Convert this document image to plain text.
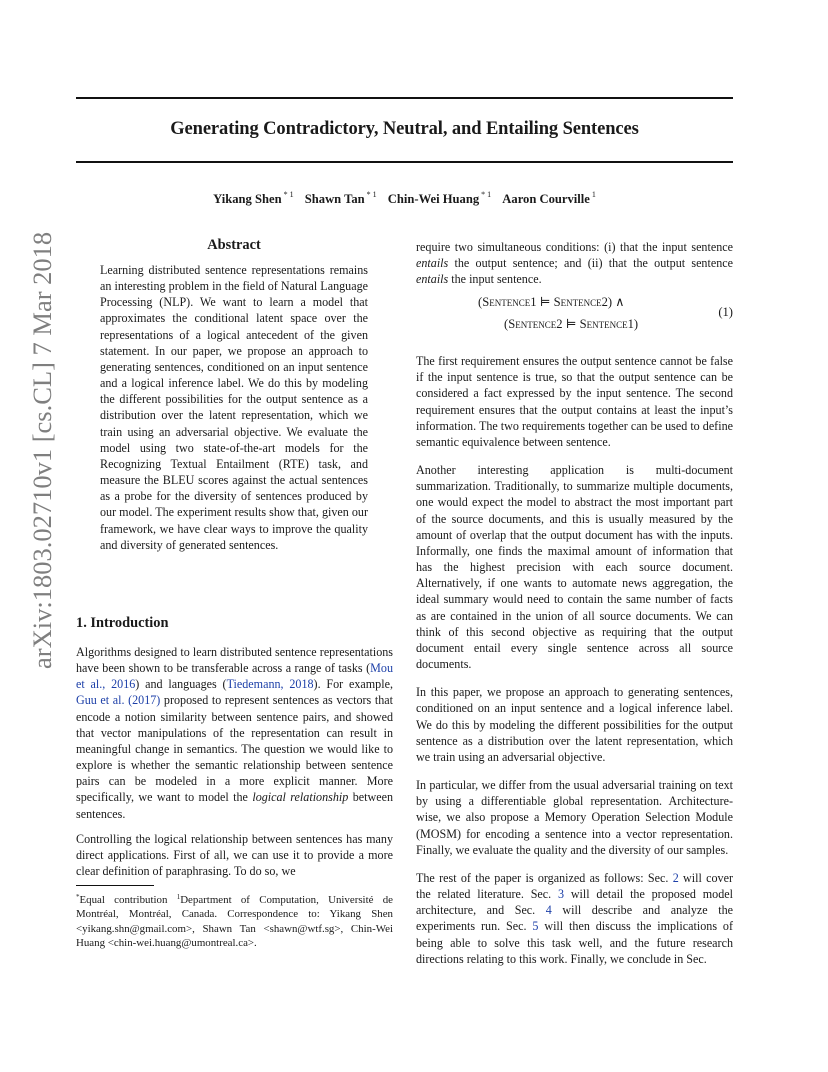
Generating Contradictory, Neutral, and Entailing Sentences
Yikang Shen $^{* 1}$ Shawn Tan $^{* 1}$ Chin-Wei Huang $^{* 1}$ Aaron Courville $^1$
arXiv:1803.02710v1 [cs.CL] 7 Mar 2018	Abstract
Learning distributed sentence representations remains an interesting problem in the field of Natural Language Processing (NLP). We want to learn a model that approximates the conditional latent space over the representations of a logical antecedent of the given statement. In our paper, we propose an approach to generating sentences, conditioned on an input sentence and a logical inference label. We do this by modeling the different possibilities for the output sentence as a distribution over the latent representation, which we train using an adversarial objective. We evaluate the model using two state-of-the-art models for the Recognizing Textual Entailment (RTE) task, and measure the BLEU scores against the actual sentences as a probe for the diversity of sentences produced by our model. The experiment results show that, given our framework, we have clear ways to improve the quality and diversity of generated sentences.
1. Introduction

Algorithms designed to learn distributed sentence representations have been shown to be transferable across a range of tasks (Mou et al., 2016) and languages (Tiedemann, 2018). For example, Guu et al. (2017) proposed to represent sentences as vectors that encode a notion similarity between sentence pairs, and showed that vector manipulations of the representation can result in meaningful change in semantics. The question we would like to explore is whether the semantic relationship between sentence pairs can be modeled in a more explicit manner. More specifically, we want to model the logical relationship between sentences.

Controlling the logical relationship between sentences has many direct applications. First of all, we can use it to provide a more clear definition of paraphrasing. To do so, we

*Equal contribution $^1$Department of Computation, Université de Montréal, Montréal, Canada. Correspondence to: Yikang Shen <yikang.shn@gmail.com>, Shawn Tan <shawn@wtf.sg>, Chin-Wei Huang <chin-wei.huang@umontreal.ca>.

require two simultaneous conditions: (i) that the input sentence entails the output sentence; and (ii) that the output sentence entails the input sentence.

(Sentence1 ⊨ Sentence2) ∧
(Sentence2 ⊨ Sentence1)
(1)

The first requirement ensures the output sentence cannot be false if the input sentence is true, so that the output sentence can be considered a fact expressed by the input sentence. The second requirement ensures that the output contains at least the input’s information. The two requirements together can be used to define semantic equivalence between sentence.

Another interesting application is multi-document summarization. Traditionally, to summarize multiple documents, one would expect the model to abstract the most important part of the source documents, and this is usually measured by the amount of overlap that the output document has with the inputs. Informally, one finds the maximal amount of information that has the highest precision with each source document. Alternatively, if one wants to automate news aggregation, the ideal summary would need to contain the same number of facts as are contained in the union of all source documents. We can think of this second objective as requiring that the output document entail every single sentence across all source documents.

In this paper, we propose an approach to generating sentences, conditioned on an input sentence and a logical inference label. We do this by modeling the different possibilities for the output sentence as a distribution over the latent representation, which we train using an adversarial objective.

In particular, we differ from the usual adversarial training on text by using a differentiable global representation. Architecture-wise, we also propose a Memory Operation Selection Module (MOSM) for encoding a sentence into a vector representation. Finally, we evaluate the quality and the diversity of our samples.

The rest of the paper is organized as follows: Sec. 2 will cover the related literature. Sec. 3 will detail the proposed model architecture, and Sec. 4 will describe and analyze the experiments run. Sec. 5 will then discuss the implications of being able to solve this task well, and the future research directions relating to this work. Finally, we conclude in Sec.
